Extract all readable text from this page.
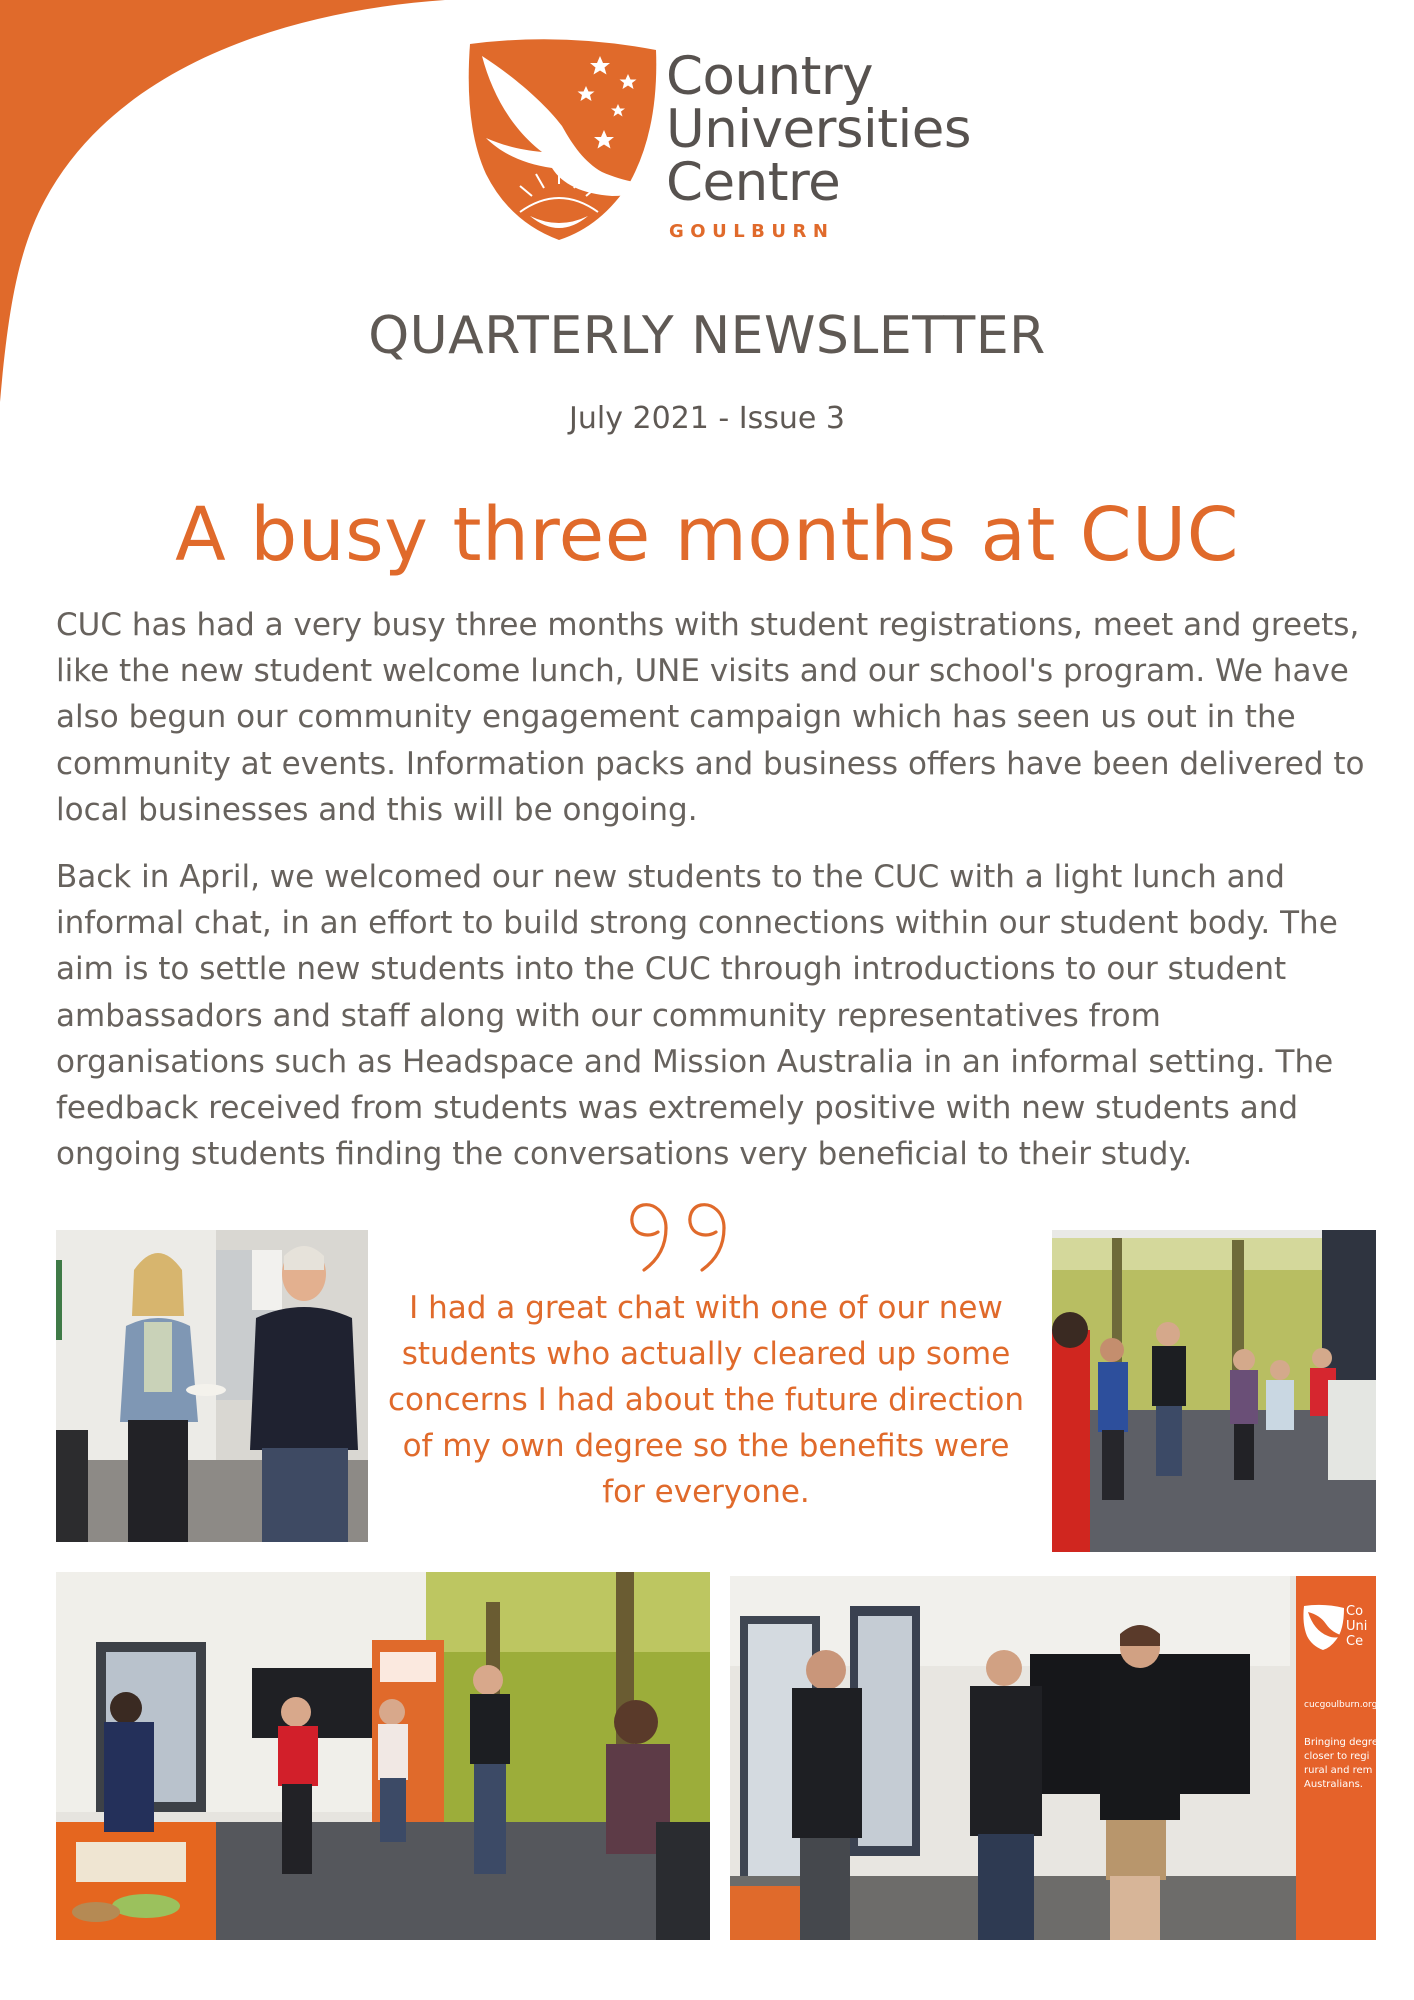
Country
Universities
Centre
GOULBURN
QUARTERLY NEWSLETTER
July 2021 - Issue 3
A busy three months at CUC

CUC has had a very busy three months with student registrations, meet and greets, like the new student welcome lunch, UNE visits and our school's program. We have also begun our community engagement campaign which has seen us out in the community at events. Information packs and business offers have been delivered to local businesses and this will be ongoing.

Back in April, we welcomed our new students to the CUC with a light lunch and informal chat, in an effort to build strong connections within our student body. The aim is to settle new students into the CUC through introductions to our student ambassadors and staff along with our community representatives from organisations such as Headspace and Mission Australia in an informal setting. The feedback received from students was extremely positive with new students and ongoing students finding the conversations very beneficial to their study.

I had a great chat with one of our new students who actually cleared up some concerns I had about the future direction of my own degree so the benefits were for everyone.

Co
Uni
Ce
cucgoulburn.org.a
Bringing degre
closer to regi
rural and rem
Australians.
